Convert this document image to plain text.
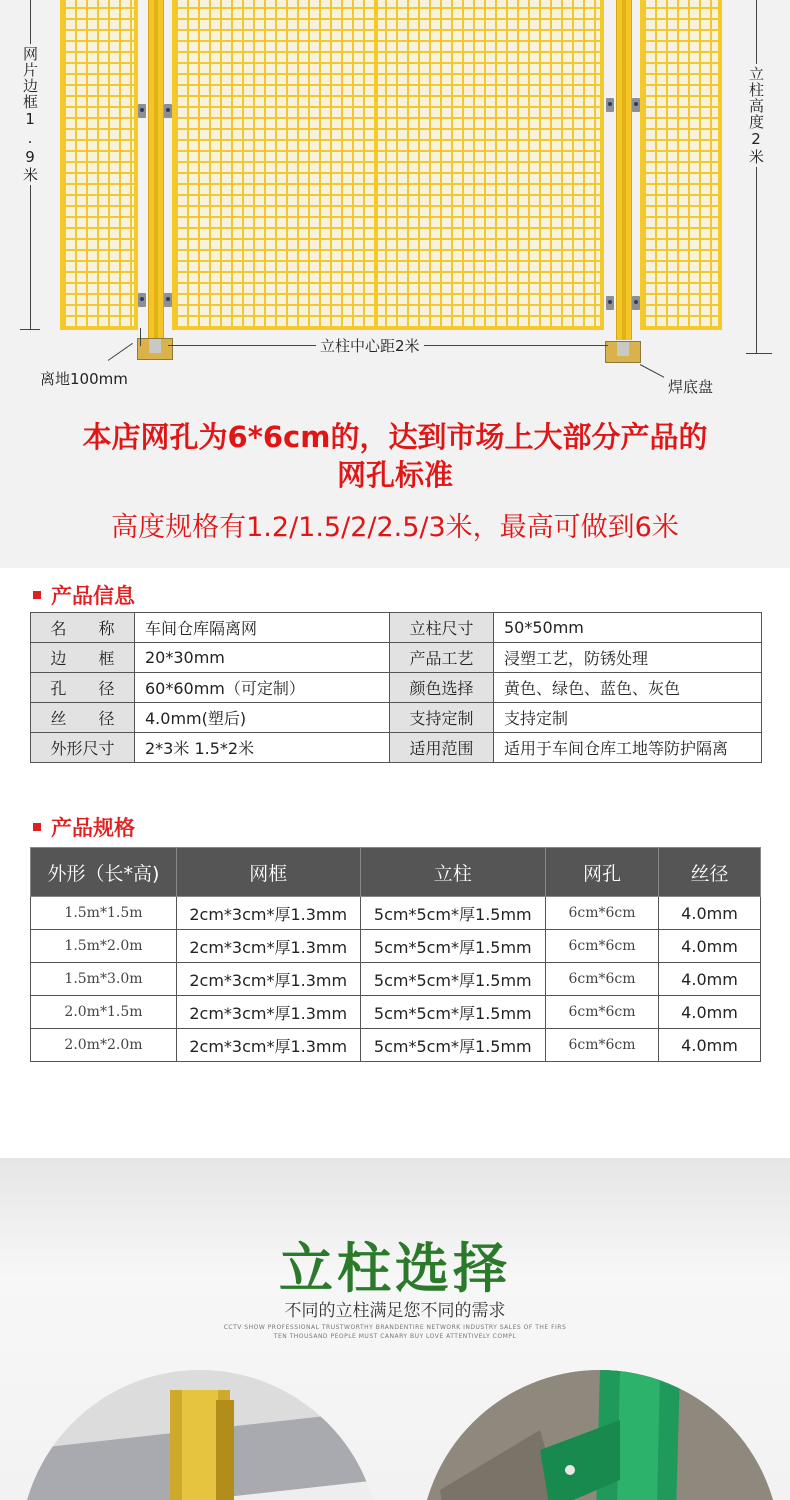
网片边框1.9米	立柱高度2米
立柱中心距2米
离地100mm	焊底盘
本店网孔为6*6cm的，达到市场上大部分产品的
网孔标准
高度规格有1.2/1.5/2/2.5/3米，最高可做到6米
产品信息
名　　称	车间仓库隔离网	立柱尺寸	50*50mm
边　　框	20*30mm	产品工艺	浸塑工艺，防锈处理
孔　　径	60*60mm（可定制）	颜色选择	黄色、绿色、蓝色、灰色
丝　　径	4.0mm(塑后)	支持定制	支持定制
外形尺寸	2*3米 1.5*2米	适用范围	适用于车间仓库工地等防护隔离
产品规格
外形（长*高)	网框	立柱	网孔	丝径
1.5m*1.5m	2cm*3cm*厚1.3mm	5cm*5cm*厚1.5mm	6cm*6cm	4.0mm
1.5m*2.0m	2cm*3cm*厚1.3mm	5cm*5cm*厚1.5mm	6cm*6cm	4.0mm
1.5m*3.0m	2cm*3cm*厚1.3mm	5cm*5cm*厚1.5mm	6cm*6cm	4.0mm
2.0m*1.5m	2cm*3cm*厚1.3mm	5cm*5cm*厚1.5mm	6cm*6cm	4.0mm
2.0m*2.0m	2cm*3cm*厚1.3mm	5cm*5cm*厚1.5mm	6cm*6cm	4.0mm
立柱选择
不同的立柱满足您不同的需求
CCTV SHOW PROFESSIONAL TRUSTWORTHY BRANDENTIRE NETWORK INDUSTRY SALES OF THE FIRS
TEN THOUSAND PEOPLE MUST CANARY BUY LOVE ATTENTIVELY COMPL
